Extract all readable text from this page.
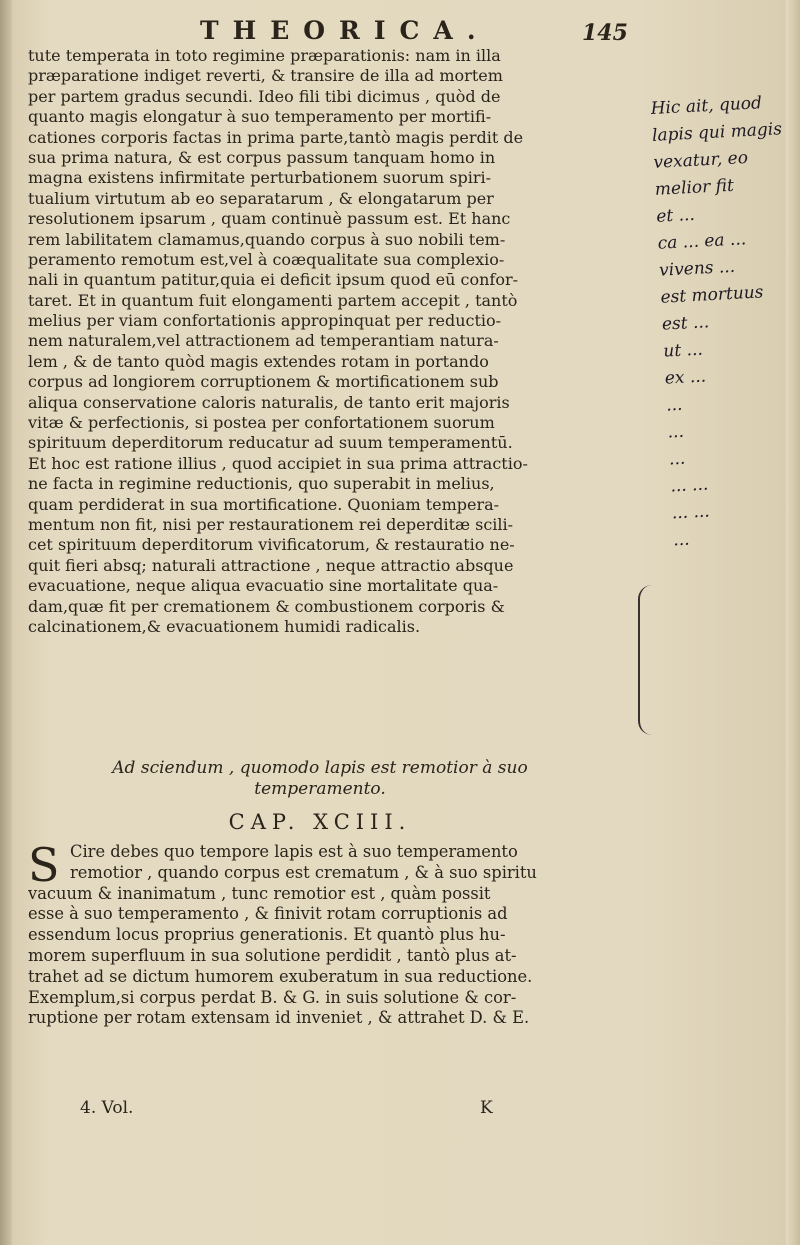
THEORICA.	145
tute temperata in toto regimine præparationis: nam in illa
præparatione indiget reverti, & transire de illa ad mortem
per partem gradus secundi. Ideo fili tibi dicimus , quòd de
quanto magis elongatur à suo temperamento per mortifi-
cationes corporis factas in prima parte,tantò magis perdit de
sua prima natura, & est corpus passum tanquam homo in
magna existens infirmitate perturbationem suorum spiri-
tualium virtutum ab eo separatarum , & elongatarum per
resolutionem ipsarum , quam continuè passum est. Et hanc
rem labilitatem clamamus,quando corpus à suo nobili tem-
peramento remotum est,vel à coæqualitate sua complexio-
nali in quantum patitur,quia ei deficit ipsum quod eū confor-
taret. Et in quantum fuit elongamenti partem accepit , tantò
melius per viam confortationis appropinquat per reductio-
nem naturalem,vel attractionem ad temperantiam natura-
lem , & de tanto quòd magis extendes rotam in portando
corpus ad longiorem corruptionem & mortificationem sub
aliqua conservatione caloris naturalis, de tanto erit majoris
vitæ & perfectionis, si postea per confortationem suorum
spirituum deperditorum reducatur ad suum temperamentū.
Et hoc est ratione illius , quod accipiet in sua prima attractio-
ne facta in regimine reductionis, quo superabit in melius,
quam perdiderat in sua mortificatione. Quoniam tempera-
mentum non fit, nisi per restaurationem rei deperditæ scili-
cet spirituum deperditorum vivificatorum, & restauratio ne-
quit fieri absq; naturali attractione , neque attractio absque
evacuatione, neque aliqua evacuatio sine mortalitate qua-
dam,quæ fit per cremationem & combustionem corporis &
calcinationem,& evacuationem humidi radicalis.
Hic ait, quod
lapis qui magis
vexatur, eo
melior fit
et ...
ca ... ea ...
vivens ...
est mortuus
est ...
ut ...
ex ...
...
...
...
... ...
... ...
...
Ad sciendum , quomodo lapis est remotior à suo
temperamento.
CAP. XCIII.
S Cire debes quo tempore lapis est à suo temperamento
remotior , quando corpus est crematum , & à suo spiritu
vacuum & inanimatum , tunc remotior est , quàm possit
esse à suo temperamento , & finivit rotam corruptionis ad
essendum locus proprius generationis. Et quantò plus hu-
morem superfluum in sua solutione perdidit , tantò plus at-
trahet ad se dictum humorem exuberatum in sua reductione.
Exemplum,si corpus perdat B. & G. in suis solutione & cor-
ruptione per rotam extensam id inveniet , & attrahet D. & E.
4. Vol.	K
